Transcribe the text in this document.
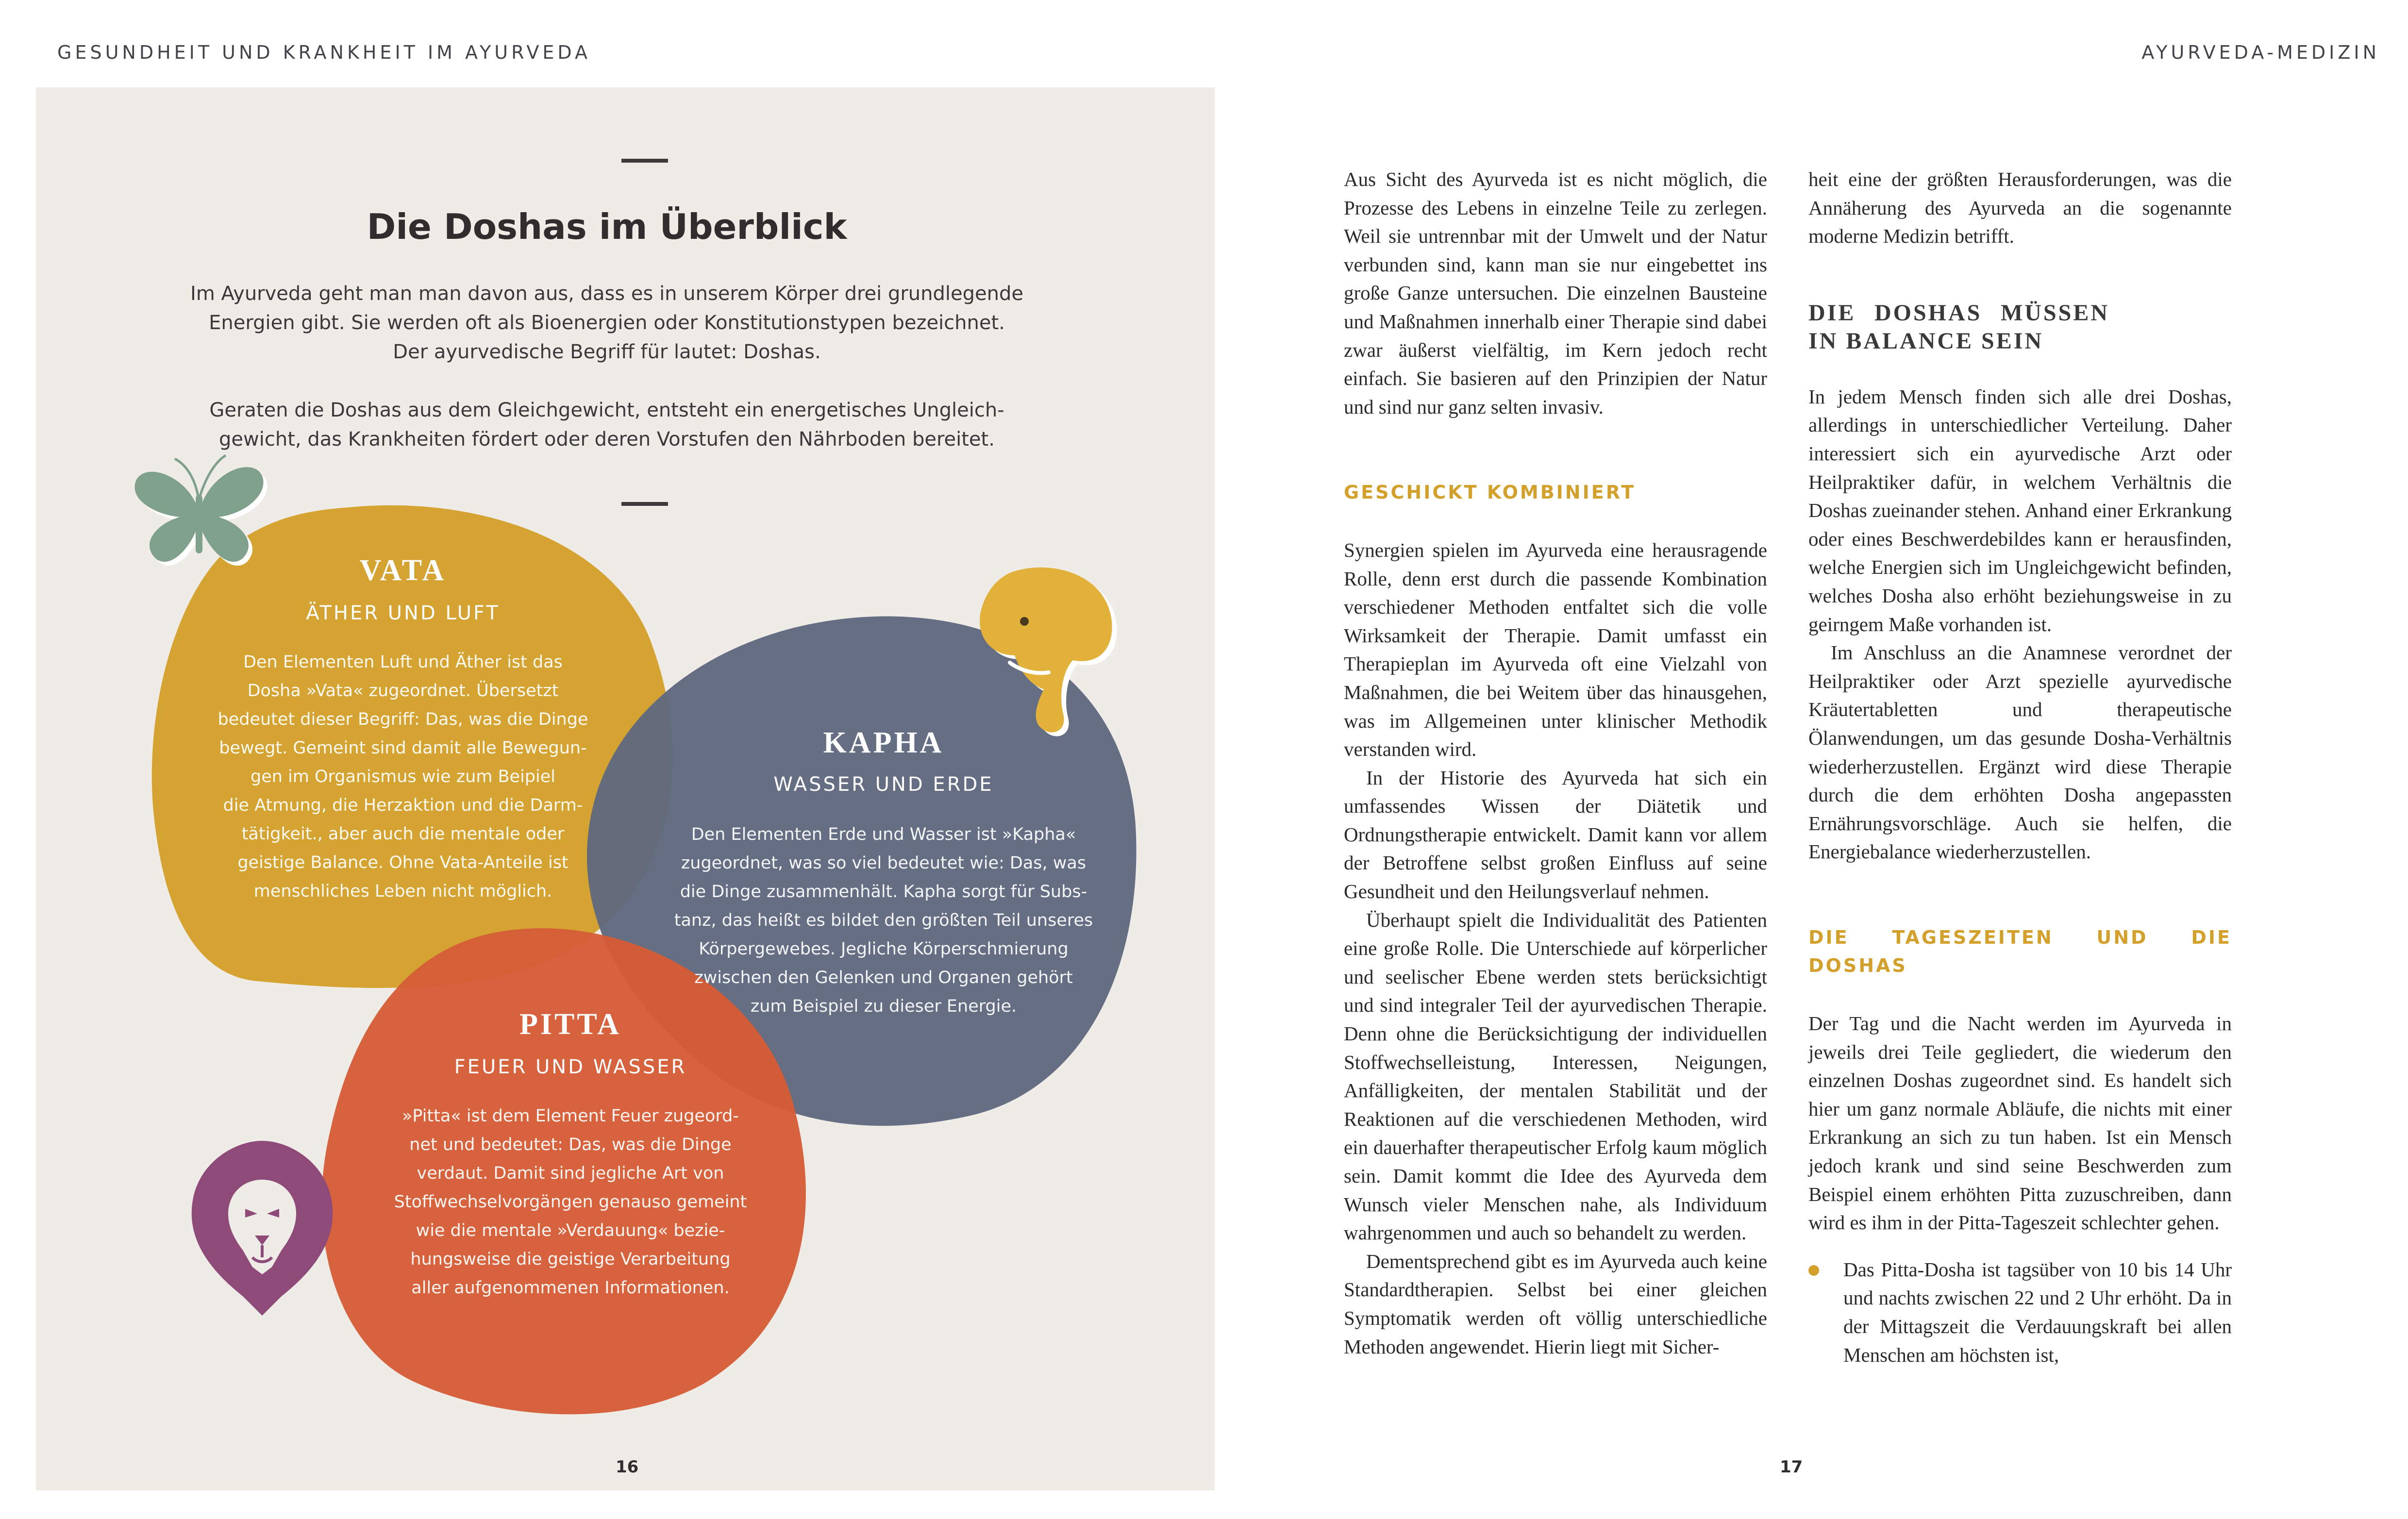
GESUNDHEIT UND KRANKHEIT IM AYURVEDA	AYURVEDA-MEDIZIN
Die Doshas im Überblick
Im Ayurveda geht man man davon aus, dass es in unserem Körper drei grundlegende
Energien gibt. Sie werden oft als Bioenergien oder Konstitutionstypen bezeichnet.
Der ayurvedische Begriff für lautet: Doshas.
Geraten die Doshas aus dem Gleichgewicht, entsteht ein energetisches Ungleich-
gewicht, das Krankheiten fördert oder deren Vorstufen den Nährboden bereitet.
VATA
ÄTHER UND LUFT
Den Elementen Luft und Äther ist das
Dosha »Vata« zugeordnet. Übersetzt
bedeutet dieser Begriff: Das, was die Dinge
bewegt. Gemeint sind damit alle Bewegun-
gen im Organismus wie zum Beipiel
die Atmung, die Herzaktion und die Darm-
tätigkeit., aber auch die mentale oder
geistige Balance. Ohne Vata-Anteile ist
menschliches Leben nicht möglich.
KAPHA
WASSER UND ERDE
Den Elementen Erde und Wasser ist »Kapha«
zugeordnet, was so viel bedeutet wie: Das, was
die Dinge zusammenhält. Kapha sorgt für Subs-
tanz, das heißt es bildet den größten Teil unseres
Körpergewebes. Jegliche Körperschmierung
zwischen den Gelenken und Organen gehört
zum Beispiel zu dieser Energie.
PITTA
FEUER UND WASSER
»Pitta« ist dem Element Feuer zugeord-
net und bedeutet: Das, was die Dinge
verdaut. Damit sind jegliche Art von
Stoffwechselvorgängen genauso gemeint
wie die mentale »Verdauung« bezie-
hungsweise die geistige Verarbeitung
aller aufgenommenen Informationen.
16

Aus Sicht des Ayurveda ist es nicht möglich, die Prozesse des Lebens in einzelne Teile zu zerlegen. Weil sie untrennbar mit der Umwelt und der Natur verbunden sind, kann man sie nur eingebettet ins große Ganze untersuchen. Die einzelnen Bausteine und Maßnahmen innerhalb einer Therapie sind dabei zwar äußerst vielfältig, im Kern jedoch recht einfach. Sie basieren auf den Prinzipien der Natur und sind nur ganz selten invasiv.

GESCHICKT KOMBINIERT

Synergien spielen im Ayurveda eine herausragende Rolle, denn erst durch die passende Kombination verschiedener Methoden entfaltet sich die volle Wirksamkeit der Therapie. Damit umfasst ein Therapieplan im Ayurveda oft eine Vielzahl von Maßnahmen, die bei Weitem über das hinausgehen, was im Allgemeinen unter klinischer Methodik verstanden wird.

In der Historie des Ayurveda hat sich ein umfassendes Wissen der Diätetik und Ordnungstherapie entwickelt. Damit kann vor allem der Betroffene selbst großen Einfluss auf seine Gesundheit und den Heilungsverlauf nehmen.

Überhaupt spielt die Individualität des Patienten eine große Rolle. Die Unterschiede auf körperlicher und seelischer Ebene werden stets berücksichtigt und sind integraler Teil der ayurvedischen Therapie. Denn ohne die Berücksichtigung der individuellen Stoffwechselleistung, Interessen, Neigungen, Anfälligkeiten, der mentalen Stabilität und der Reaktionen auf die verschiedenen Methoden, wird ein dauerhafter therapeutischer Erfolg kaum möglich sein. Damit kommt die Idee des Ayurveda dem Wunsch vieler Menschen nahe, als Individuum wahrgenommen und auch so behandelt zu werden.

Dementsprechend gibt es im Ayurveda auch keine Standardtherapien. Selbst bei einer gleichen Symptomatik werden oft völlig unterschiedliche Methoden angewendet. Hierin liegt mit Sicher-

heit eine der größten Herausforderungen, was die Annäherung des Ayurveda an die sogenannte moderne Medizin betrifft.

DIE DOSHAS MÜSSEN IN BALANCE SEIN

In jedem Mensch finden sich alle drei Doshas, allerdings in unterschiedlicher Verteilung. Daher interessiert sich ein ayurvedische Arzt oder Heilpraktiker dafür, in welchem Verhältnis die Doshas zueinander stehen. Anhand einer Erkrankung oder eines Beschwerdebildes kann er herausfinden, welche Energien sich im Ungleichgewicht befinden, welches Dosha also erhöht beziehungsweise in zu geirngem Maße vorhanden ist.

Im Anschluss an die Anamnese verordnet der Heilpraktiker oder Arzt spezielle ayurvedische Kräutertabletten und therapeutische Ölanwendungen, um das gesunde Dosha-Verhältnis wiederherzustellen. Ergänzt wird diese Therapie durch die dem erhöhten Dosha angepassten Ernährungsvorschläge. Auch sie helfen, die Energiebalance wiederherzustellen.

DIE TAGESZEITEN UND DIE DOSHAS

Der Tag und die Nacht werden im Ayurveda in jeweils drei Teile gegliedert, die wiederum den einzelnen Doshas zugeordnet sind. Es handelt sich hier um ganz normale Abläufe, die nichts mit einer Erkrankung an sich zu tun haben. Ist ein Mensch jedoch krank und sind seine Beschwerden zum Beispiel einem erhöhten Pitta zuzuschreiben, dann wird es ihm in der Pitta-Tageszeit schlechter gehen.

Das Pitta-Dosha ist tagsüber von 10 bis 14 Uhr und nachts zwischen 22 und 2 Uhr erhöht. Da in der Mittagszeit die Verdauungskraft bei allen Menschen am höchsten ist,

17
